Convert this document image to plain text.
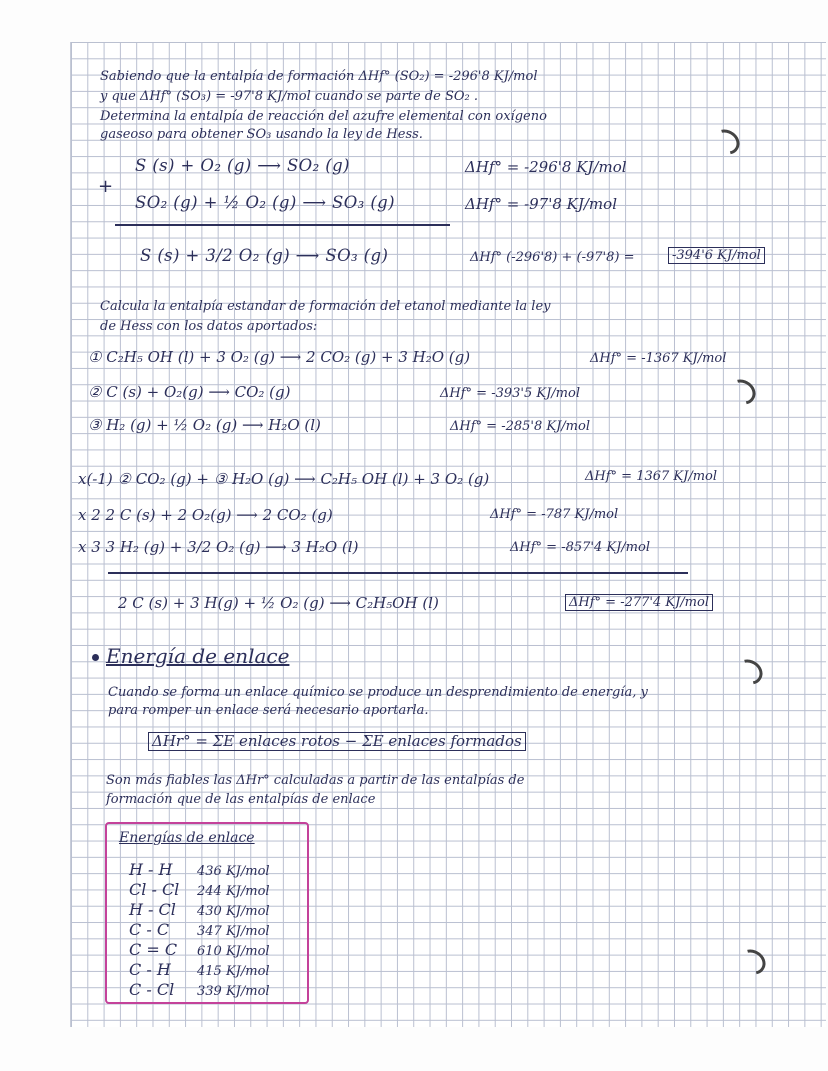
Sabiendo que la entalpía de formación ΔHf° (SO₂) = -296'8 KJ/mol
y que ΔHf° (SO₃) = -97'8 KJ/mol cuando se parte de SO₂ .
Determina la entalpía de reacción del azufre elemental con oxígeno
gaseoso para obtener SO₃ usando la ley de Hess.
S (s) + O₂ (g) ⟶ SO₂ (g)	ΔHf° = -296'8 KJ/mol
+
SO₂ (g) + ½ O₂ (g) ⟶ SO₃ (g)	ΔHf° = -97'8 KJ/mol
S (s) + 3/2 O₂ (g) ⟶ SO₃ (g)	ΔHf° (-296'8) + (-97'8) =	-394'6 KJ/mol
Calcula la entalpía estandar de formación del etanol mediante la ley
de Hess con los datos aportados:
① C₂H₅ OH (l) + 3 O₂ (g) ⟶ 2 CO₂ (g) + 3 H₂O (g)	ΔHf° = -1367 KJ/mol
② C (s) + O₂(g) ⟶ CO₂ (g)	ΔHf° = -393'5 KJ/mol
③ H₂ (g) + ½ O₂ (g) ⟶ H₂O (l)	ΔHf° = -285'8 KJ/mol
x(-1) ② CO₂ (g) + ③ H₂O (g) ⟶ C₂H₅ OH (l) + 3 O₂ (g)	ΔHf° = 1367 KJ/mol
x 2 2 C (s) + 2 O₂(g) ⟶ 2 CO₂ (g)	ΔHf° = -787 KJ/mol
x 3 3 H₂ (g) + 3/2 O₂ (g) ⟶ 3 H₂O (l)	ΔHf° = -857'4 KJ/mol
2 C (s) + 3 H(g) + ½ O₂ (g) ⟶ C₂H₅OH (l)	ΔHf° = -277'4 KJ/mol
Energía de enlace
Cuando se forma un enlace químico se produce un desprendimiento de energía, y
para romper un enlace será necesario aportarla.
ΔHr° = ΣE enlaces rotos − ΣE enlaces formados
Son más fiables las ΔHr° calculadas a partir de las entalpías de
formación que de las entalpías de enlace
Energías de enlace
H - H 436 KJ/mol
Cl - Cl 244 KJ/mol
H - Cl 430 KJ/mol
C - C 347 KJ/mol
C = C 610 KJ/mol
C - H 415 KJ/mol
C - Cl 339 KJ/mol
